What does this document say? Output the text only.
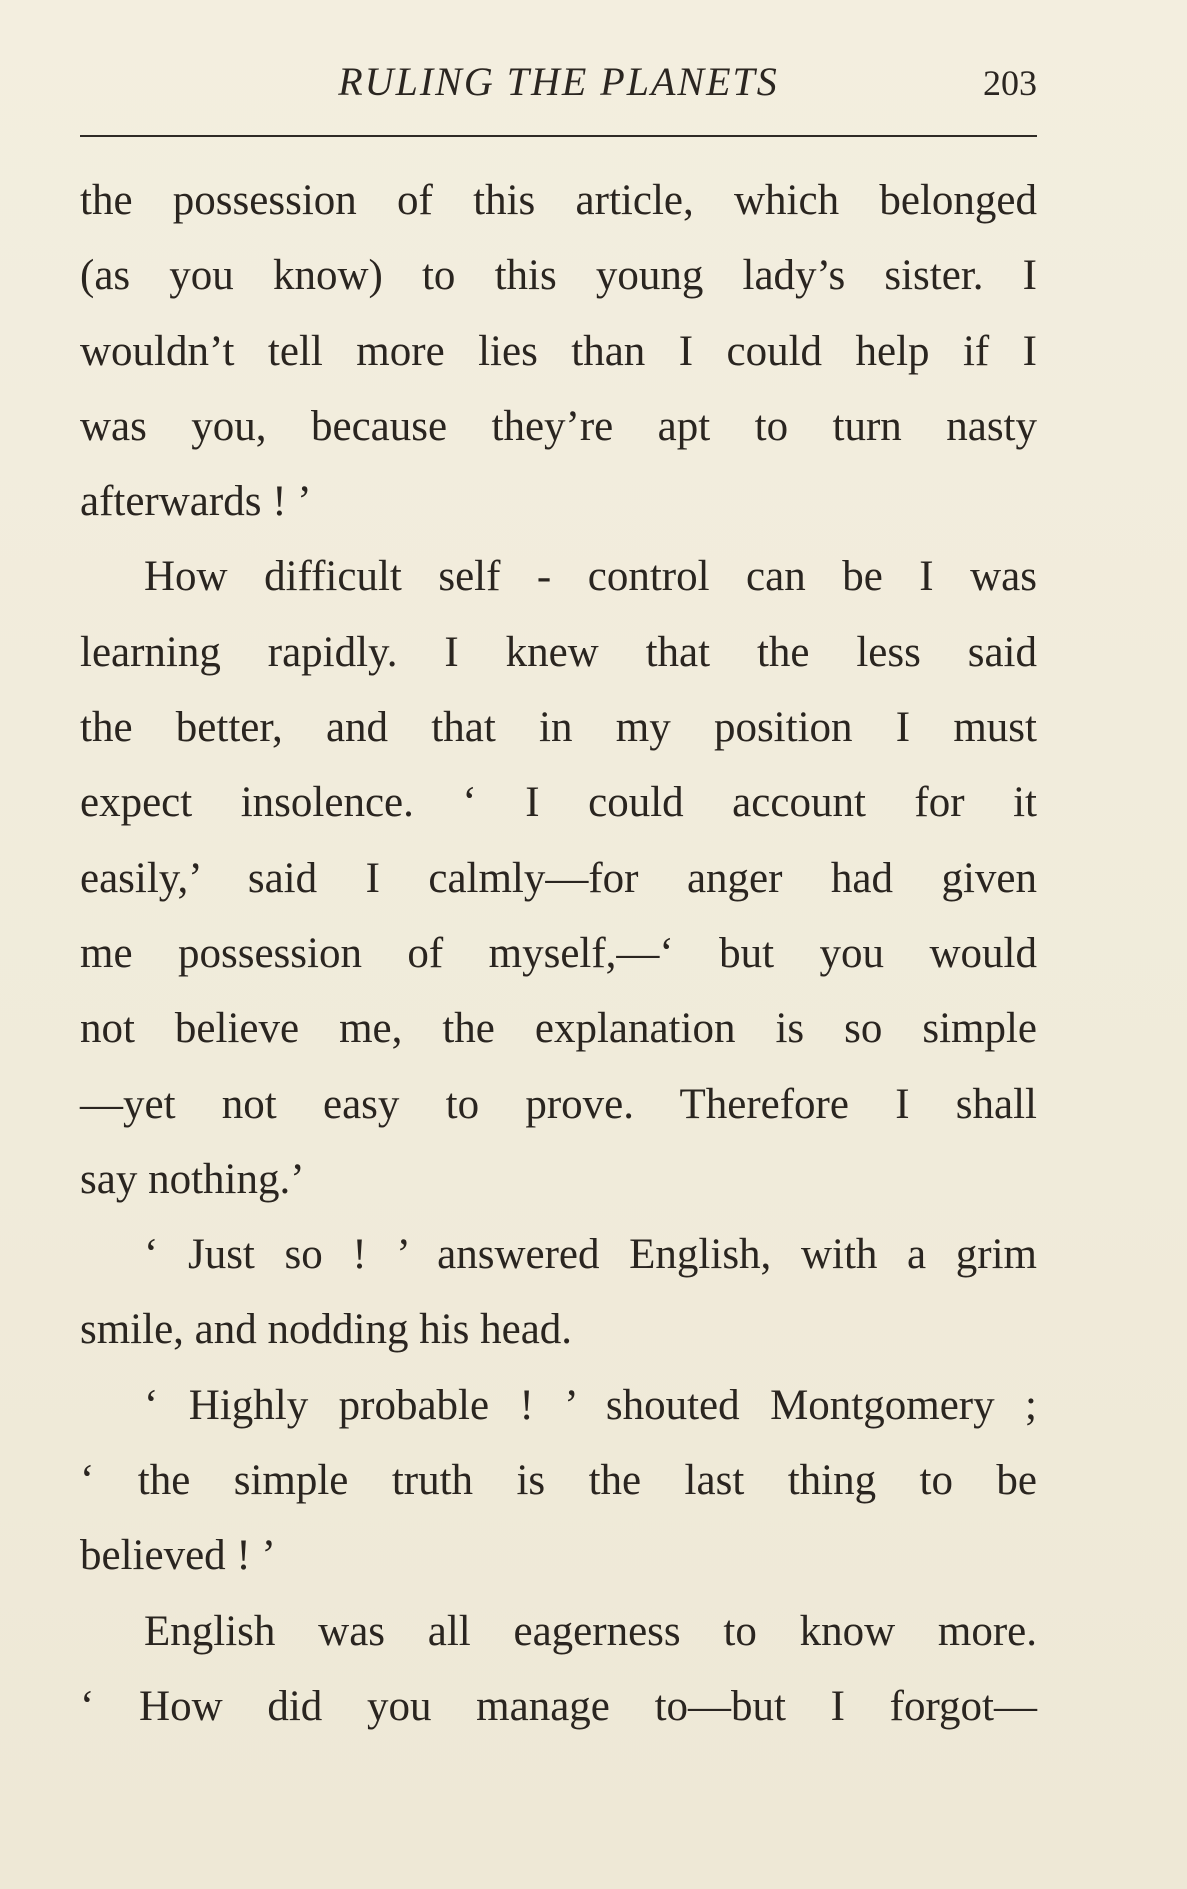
RULING THE PLANETS	203
the possession of this article, which belonged
(as you know) to this young lady’s sister. I
wouldn’t tell more lies than I could help if I
was you, because they’re apt to turn nasty
afterwards ! ’
How difficult self - control can be I was
learning rapidly. I knew that the less said
the better, and that in my position I must
expect insolence. ‘ I could account for it
easily,’ said I calmly—for anger had given
me possession of myself,—‘ but you would
not believe me, the explanation is so simple
—yet not easy to prove. Therefore I shall
say nothing.’
‘ Just so ! ’ answered English, with a grim
smile, and nodding his head.
‘ Highly probable ! ’ shouted Montgomery ;
‘ the simple truth is the last thing to be
believed ! ’
English was all eagerness to know more.
‘ How did you manage to—but I forgot—
